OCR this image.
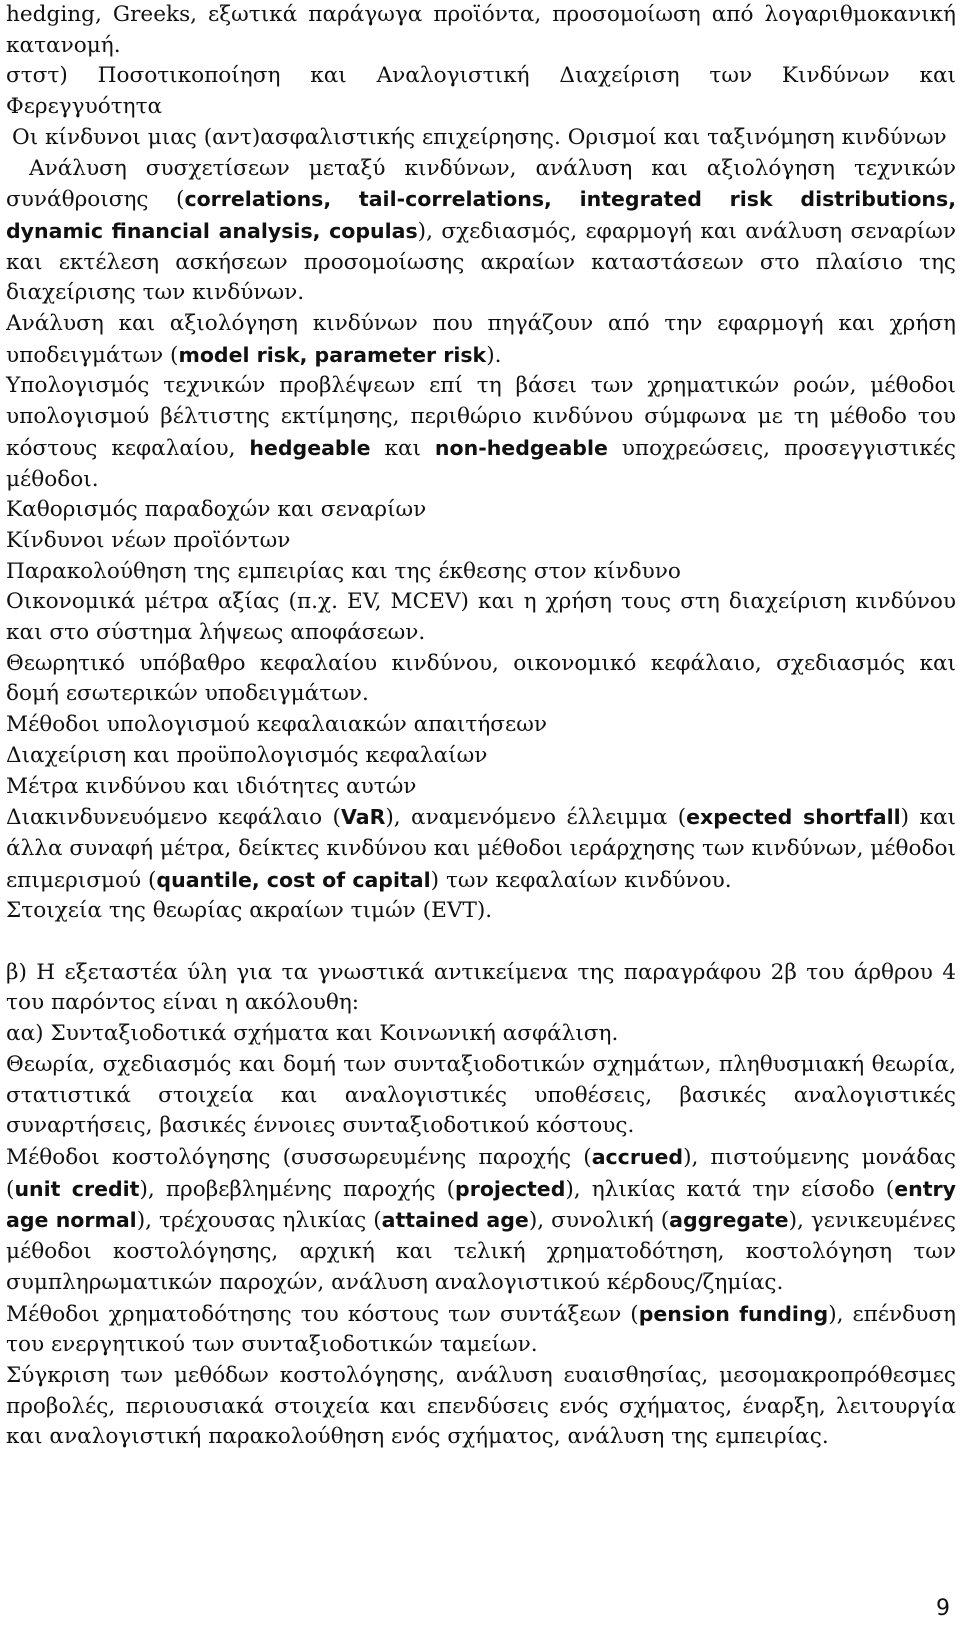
hedging, Greeks, εξωτικά παράγωγα προϊόντα, προσομοίωση από λογαριθμοκανική κατανομή.

στστ) Ποσοτικοποίηση και Αναλογιστική Διαχείριση των Κινδύνων και Φερεγγυότητα

Οι κίνδυνοι μιας (αντ)ασφαλιστικής επιχείρησης. Ορισμοί και ταξινόμηση κινδύνων

Ανάλυση συσχετίσεων μεταξύ κινδύνων, ανάλυση και αξιολόγηση τεχνικών συνάθροισης (correlations, tail-correlations, integrated risk distributions, dynamic financial analysis, copulas), σχεδιασμός, εφαρμογή και ανάλυση σεναρίων και εκτέλεση ασκήσεων προσομοίωσης ακραίων καταστάσεων στο πλαίσιο της διαχείρισης των κινδύνων.

Ανάλυση και αξιολόγηση κινδύνων που πηγάζουν από την εφαρμογή και χρήση υποδειγμάτων (model risk, parameter risk).

Υπολογισμός τεχνικών προβλέψεων επί τη βάσει των χρηματικών ροών, μέθοδοι υπολογισμού βέλτιστης εκτίμησης, περιθώριο κινδύνου σύμφωνα με τη μέθοδο του κόστους κεφαλαίου, hedgeable και non-hedgeable υποχρεώσεις, προσεγγιστικές μέθοδοι.

Καθορισμός παραδοχών και σεναρίων

Κίνδυνοι νέων προϊόντων

Παρακολούθηση της εμπειρίας και της έκθεσης στον κίνδυνο

Οικονομικά μέτρα αξίας (π.χ. EV, MCEV) και η χρήση τους στη διαχείριση κινδύνου και στο σύστημα λήψεως αποφάσεων.

Θεωρητικό υπόβαθρο κεφαλαίου κινδύνου, οικονομικό κεφάλαιο, σχεδιασμός και δομή εσωτερικών υποδειγμάτων.

Μέθοδοι υπολογισμού κεφαλαιακών απαιτήσεων

Διαχείριση και προϋπολογισμός κεφαλαίων

Μέτρα κινδύνου και ιδιότητες αυτών

Διακινδυνευόμενο κεφάλαιο (VaR), αναμενόμενο έλλειμμα (expected shortfall) και άλλα συναφή μέτρα, δείκτες κινδύνου και μέθοδοι ιεράρχησης των κινδύνων, μέθοδοι επιμερισμού (quantile, cost of capital) των κεφαλαίων κινδύνου.

Στοιχεία της θεωρίας ακραίων τιμών (EVT).

β) Η εξεταστέα ύλη για τα γνωστικά αντικείμενα της παραγράφου 2β του άρθρου 4 του παρόντος είναι η ακόλουθη:

αα) Συνταξιοδοτικά σχήματα και Κοινωνική ασφάλιση.

Θεωρία, σχεδιασμός και δομή των συνταξιοδοτικών σχημάτων, πληθυσμιακή θεωρία, στατιστικά στοιχεία και αναλογιστικές υποθέσεις, βασικές αναλογιστικές συναρτήσεις, βασικές έννοιες συνταξιοδοτικού κόστους.

Μέθοδοι κοστολόγησης (συσσωρευμένης παροχής (accrued), πιστούμενης μονάδας (unit credit), προβεβλημένης παροχής (projected), ηλικίας κατά την είσοδο (entry age normal), τρέχουσας ηλικίας (attained age), συνολική (aggregate), γενικευμένες μέθοδοι κοστολόγησης, αρχική και τελική χρηματοδότηση, κοστολόγηση των συμπληρωματικών παροχών, ανάλυση αναλογιστικού κέρδους/ζημίας.

Μέθοδοι χρηματοδότησης του κόστους των συντάξεων (pension funding), επένδυση του ενεργητικού των συνταξιοδοτικών ταμείων.

Σύγκριση των μεθόδων κοστολόγησης, ανάλυση ευαισθησίας, μεσομακροπρόθεσμες προβολές, περιουσιακά στοιχεία και επενδύσεις ενός σχήματος, έναρξη, λειτουργία και αναλογιστική παρακολούθηση ενός σχήματος, ανάλυση της εμπειρίας.

9
